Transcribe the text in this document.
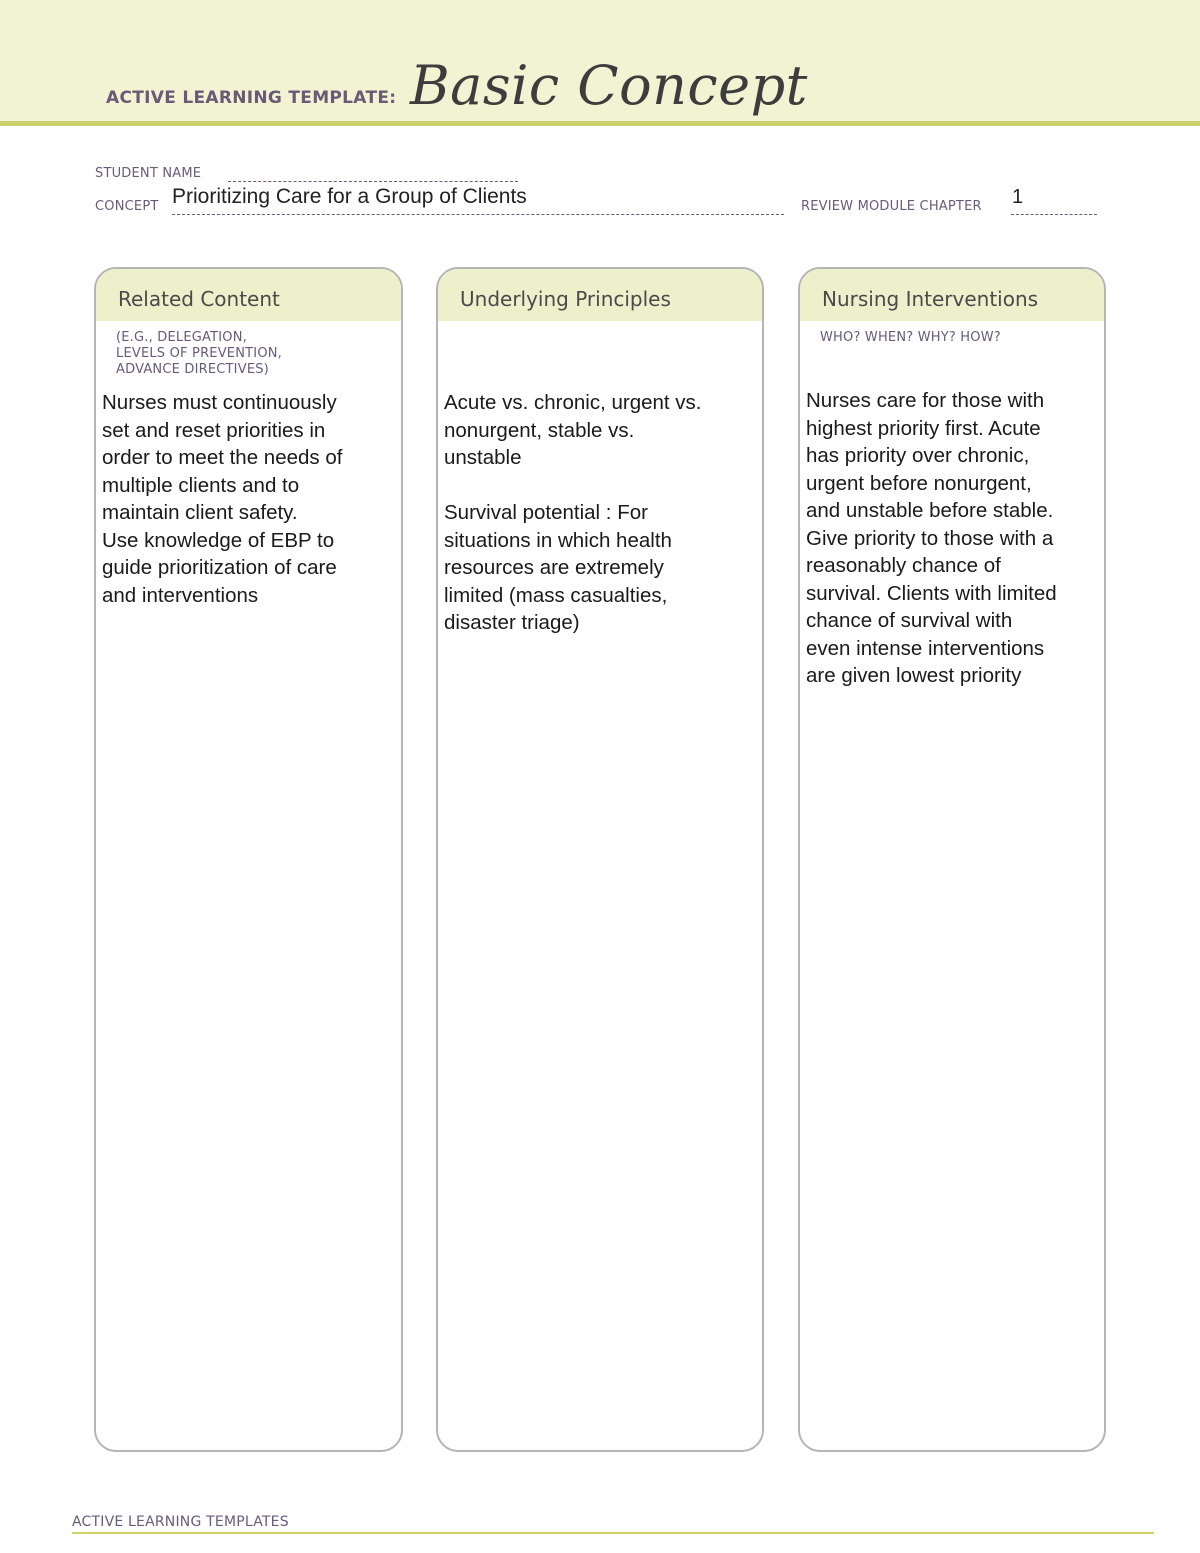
ACTIVE LEARNING TEMPLATE: Basic Concept
STUDENT NAME
CONCEPT Prioritizing Care for a Group of Clients	REVIEW MODULE CHAPTER 1
Related Content
(E.G., DELEGATION,
LEVELS OF PREVENTION,
ADVANCE DIRECTIVES)
Nurses must continuously
set and reset priorities in
order to meet the needs of
multiple clients and to
maintain client safety.
Use knowledge of EBP to
guide prioritization of care
and interventions
Underlying Principles
Acute vs. chronic, urgent vs.
nonurgent, stable vs.
unstable

Survival potential : For
situations in which health
resources are extremely
limited (mass casualties,
disaster triage)
Nursing Interventions
WHO? WHEN? WHY? HOW?
Nurses care for those with
highest priority first. Acute
has priority over chronic,
urgent before nonurgent,
and unstable before stable.
Give priority to those with a
reasonably chance of
survival. Clients with limited
chance of survival with
even intense interventions
are given lowest priority
ACTIVE LEARNING TEMPLATES
